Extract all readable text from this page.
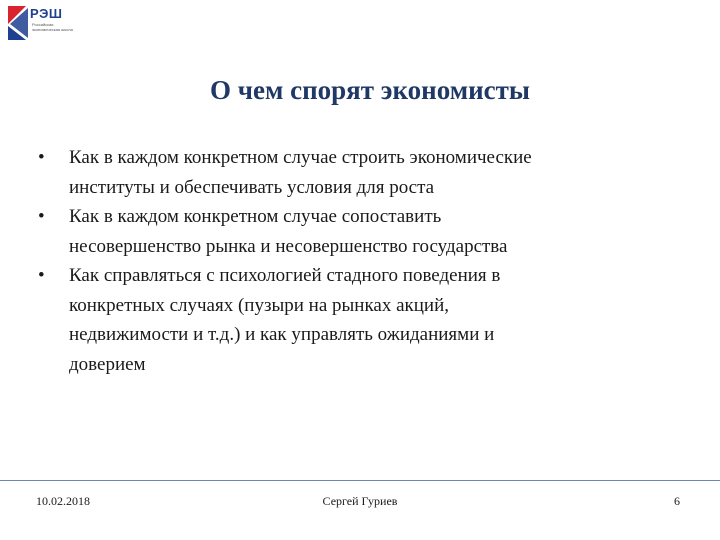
РЭШ
Российская экономическая школа
О чем спорят экономисты
• Как в каждом конкретном случае строить экономические
институты и обеспечивать условия для роста
• Как в каждом конкретном случае сопоставить
несовершенство рынка и несовершенство государства
• Как справляться с психологией стадного поведения в
конкретных случаях (пузыри на рынках акций,
недвижимости и т.д.) и как управлять ожиданиями и
доверием
10.02.2018	Сергей Гуриев	6
